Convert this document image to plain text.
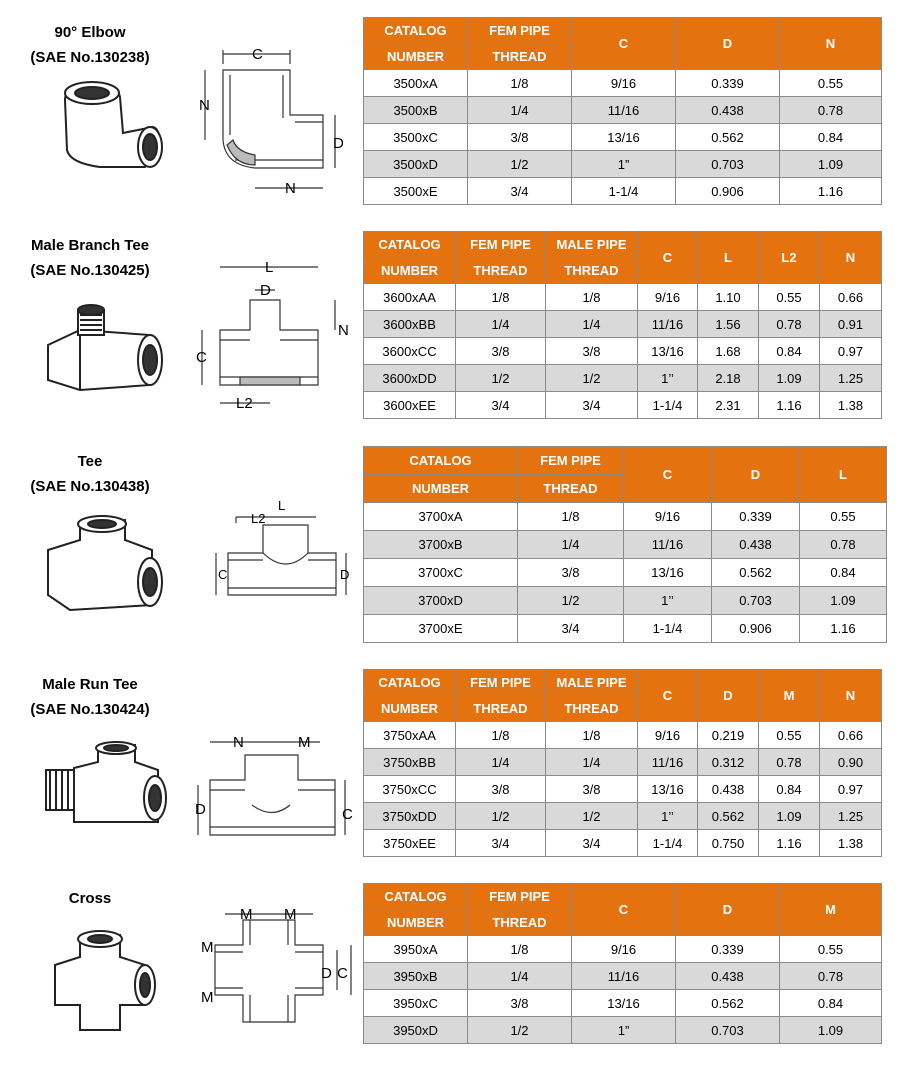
90° Elbow
(SAE No.130238)	C
N
D
N
CATALOG	FEM PIPE	C	D	N
NUMBER	THREAD			
3500xA	1/8	9/16	0.339	0.55
3500xB	1/4	11/16	0.438	0.78
3500xC	3/8	13/16	0.562	0.84
3500xD	1/2	1”	0.703	1.09
3500xE	3/4	1-1/4	0.906	1.16
Male Branch Tee
(SAE No.130425)	L
D
N
C
L2
CATALOG	FEM PIPE	MALE PIPE	C	L	L2	N
NUMBER	THREAD	THREAD				
3600xAA	1/8	1/8	9/16	1.10	0.55	0.66
3600xBB	1/4	1/4	11/16	1.56	0.78	0.91
3600xCC	3/8	3/8	13/16	1.68	0.84	0.97
3600xDD	1/2	1/2	1’’	2.18	1.09	1.25
3600xEE	3/4	3/4	1-1/4	2.31	1.16	1.38
Tee
(SAE No.130438)
L
L2
C	D
CATALOG	FEM PIPE	C	D	L
NUMBER	THREAD			
3700xA	1/8	9/16	0.339	0.55
3700xB	1/4	11/16	0.438	0.78
3700xC	3/8	13/16	0.562	0.84
3700xD	1/2	1’’	0.703	1.09
3700xE	3/4	1-1/4	0.906	1.16
Male Run Tee
(SAE No.130424)
N	M
D	C
CATALOG	FEM PIPE	MALE PIPE	C	D	M	N
NUMBER	THREAD	THREAD				
3750xAA	1/8	1/8	9/16	0.219	0.55	0.66
3750xBB	1/4	1/4	11/16	0.312	0.78	0.90
3750xCC	3/8	3/8	13/16	0.438	0.84	0.97
3750xDD	1/2	1/2	1’’	0.562	1.09	1.25
3750xEE	3/4	3/4	1-1/4	0.750	1.16	1.38
Cross
M M
M
M
D C
CATALOG	FEM PIPE	C	D	M
NUMBER	THREAD			
3950xA	1/8	9/16	0.339	0.55
3950xB	1/4	11/16	0.438	0.78
3950xC	3/8	13/16	0.562	0.84
3950xD	1/2	1”	0.703	1.09
